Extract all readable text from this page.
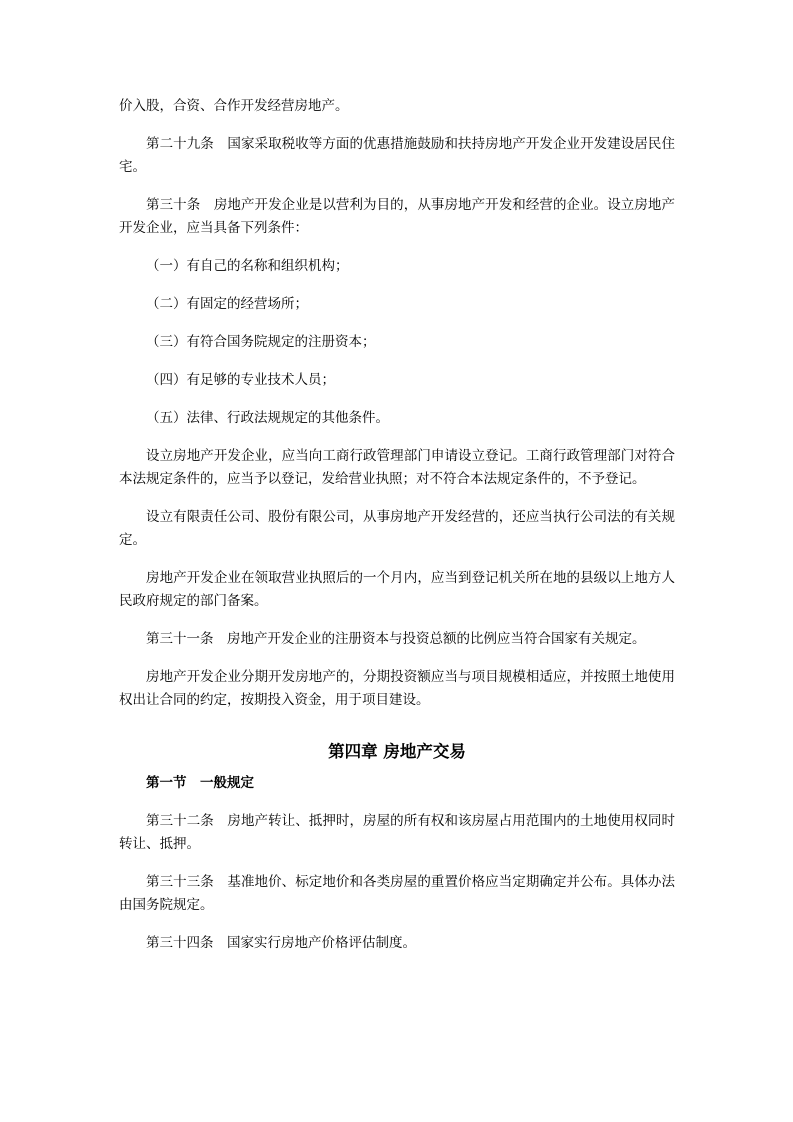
价入股，合资、合作开发经营房地产。

第二十九条　国家采取税收等方面的优惠措施鼓励和扶持房地产开发企业开发建设居民住宅。

第三十条　房地产开发企业是以营利为目的，从事房地产开发和经营的企业。设立房地产开发企业，应当具备下列条件：

（一）有自己的名称和组织机构；

（二）有固定的经营场所；

（三）有符合国务院规定的注册资本；

（四）有足够的专业技术人员；

（五）法律、行政法规规定的其他条件。

设立房地产开发企业，应当向工商行政管理部门申请设立登记。工商行政管理部门对符合本法规定条件的，应当予以登记，发给营业执照；对不符合本法规定条件的，不予登记。

设立有限责任公司、股份有限公司，从事房地产开发经营的，还应当执行公司法的有关规定。

房地产开发企业在领取营业执照后的一个月内，应当到登记机关所在地的县级以上地方人民政府规定的部门备案。

第三十一条　房地产开发企业的注册资本与投资总额的比例应当符合国家有关规定。

房地产开发企业分期开发房地产的，分期投资额应当与项目规模相适应，并按照土地使用权出让合同的约定，按期投入资金，用于项目建设。

第四章 房地产交易
第一节　一般规定

第三十二条　房地产转让、抵押时，房屋的所有权和该房屋占用范围内的土地使用权同时转让、抵押。

第三十三条　基准地价、标定地价和各类房屋的重置价格应当定期确定并公布。具体办法由国务院规定。

第三十四条　国家实行房地产价格评估制度。
